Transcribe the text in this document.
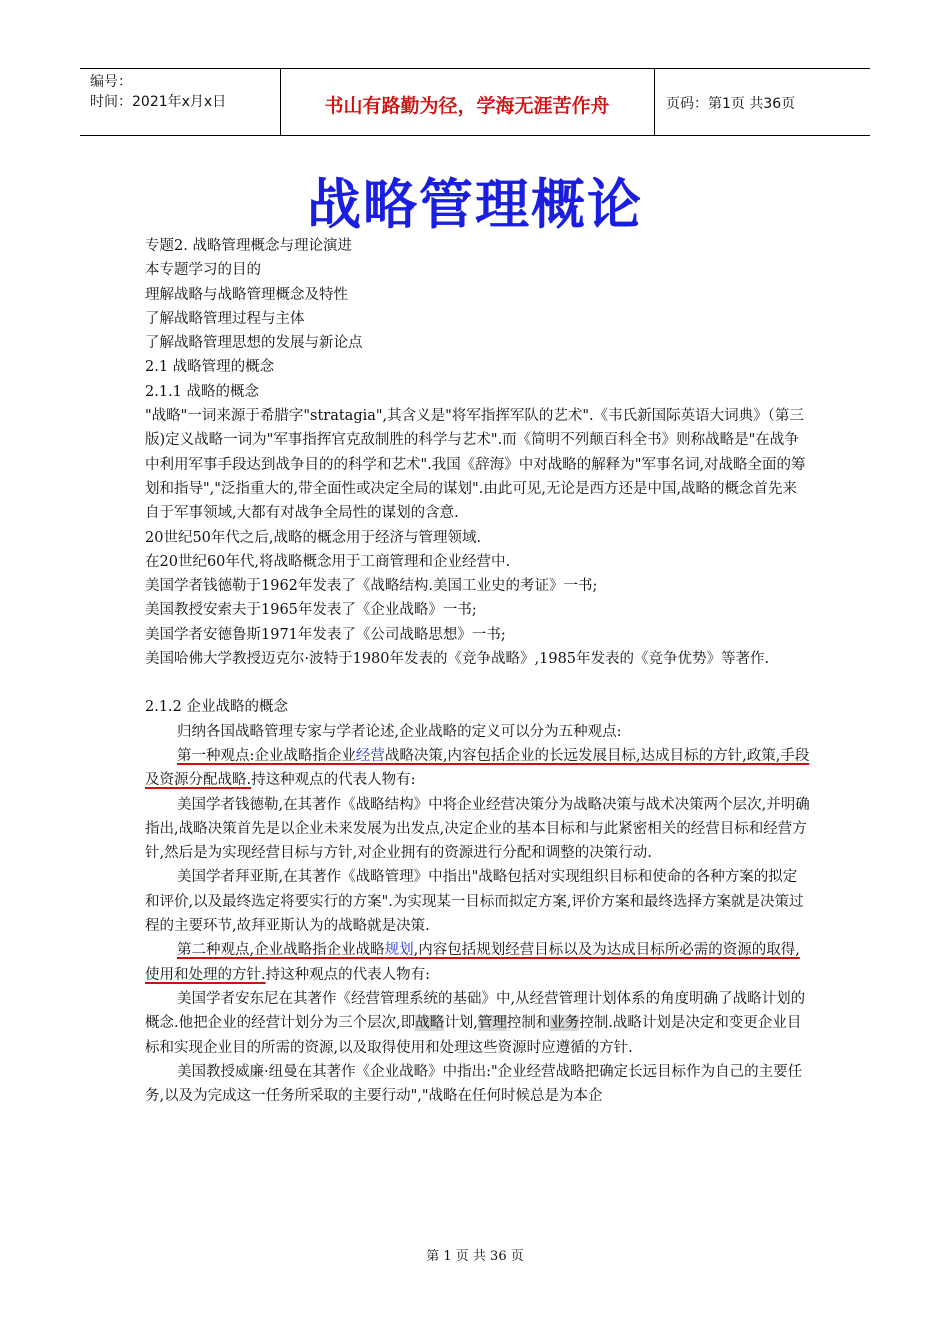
编号：
时间：2021年x月x日	书山有路勤为径，学海无涯苦作舟	页码：第1页 共36页
战略管理概论

专题2. 战略管理概念与理论演进

本专题学习的目的

理解战略与战略管理概念及特性

了解战略管理过程与主体

了解战略管理思想的发展与新论点

2.1 战略管理的概念

2.1.1 战略的概念

"战略"一词来源于希腊字"stratagia",其含义是"将军指挥军队的艺术".《韦氏新国际英语大词典》（第三版)定义战略一词为"军事指挥官克敌制胜的科学与艺术".而《简明不列颠百科全书》则称战略是"在战争中利用军事手段达到战争目的的科学和艺术".我国《辞海》中对战略的解释为"军事名词,对战略全面的筹划和指导","泛指重大的,带全面性或决定全局的谋划".由此可见,无论是西方还是中国,战略的概念首先来自于军事领域,大都有对战争全局性的谋划的含意.

20世纪50年代之后,战略的概念用于经济与管理领域.

在20世纪60年代,将战略概念用于工商管理和企业经营中.

美国学者钱德勒于1962年发表了《战略结构.美国工业史的考证》一书;

美国教授安索夫于1965年发表了《企业战略》一书;

美国学者安德鲁斯1971年发表了《公司战略思想》一书;

美国哈佛大学教授迈克尔·波特于1980年发表的《竞争战略》,1985年发表的《竞争优势》等著作.

2.1.2 企业战略的概念

归纳各国战略管理专家与学者论述,企业战略的定义可以分为五种观点:

第一种观点:企业战略指企业经营战略决策,内容包括企业的长远发展目标,达成目标的方针,政策,手段及资源分配战略.持这种观点的代表人物有:

美国学者钱德勒,在其著作《战略结构》中将企业经营决策分为战略决策与战术决策两个层次,并明确指出,战略决策首先是以企业未来发展为出发点,决定企业的基本目标和与此紧密相关的经营目标和经营方针,然后是为实现经营目标与方针,对企业拥有的资源进行分配和调整的决策行动.

美国学者拜亚斯,在其著作《战略管理》中指出"战略包括对实现组织目标和使命的各种方案的拟定和评价,以及最终选定将要实行的方案".为实现某一目标而拟定方案,评价方案和最终选择方案就是决策过程的主要环节,故拜亚斯认为的战略就是决策.

第二种观点,企业战略指企业战略规划,内容包括规划经营目标以及为达成目标所必需的资源的取得,使用和处理的方针.持这种观点的代表人物有:

美国学者安东尼在其著作《经营管理系统的基础》中,从经营管理计划体系的角度明确了战略计划的概念.他把企业的经营计划分为三个层次,即战略计划,管理控制和业务控制.战略计划是决定和变更企业目标和实现企业目的所需的资源,以及取得使用和处理这些资源时应遵循的方针.

美国教授威廉·纽曼在其著作《企业战略》中指出:"企业经营战略把确定长远目标作为自己的主要任务,以及为完成这一任务所采取的主要行动","战略在任何时候总是为本企

第 1 页 共 36 页
